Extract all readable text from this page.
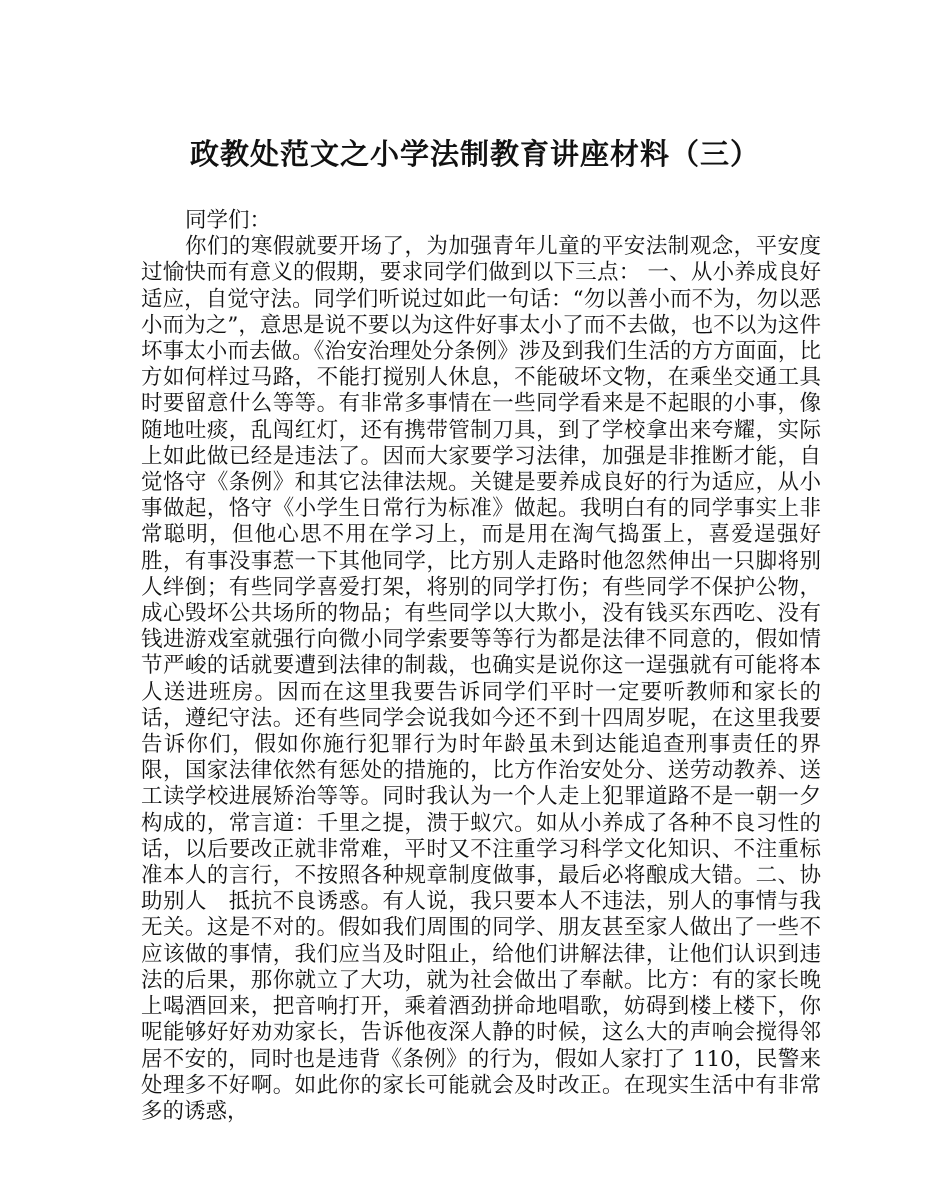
政教处范文之小学法制教育讲座材料（三）

同学们：

你们的寒假就要开场了，为加强青年儿童的平安法制观念，平安度过愉快而有意义的假期，要求同学们做到以下三点： 一、从小养成良好适应，自觉守法。同学们听说过如此一句话：“勿以善小而不为，勿以恶小而为之”，意思是说不要以为这件好事太小了而不去做，也不以为这件坏事太小而去做。《治安治理处分条例》涉及到我们生活的方方面面，比方如何样过马路，不能打搅别人休息，不能破坏文物，在乘坐交通工具时要留意什么等等。有非常多事情在一些同学看来是不起眼的小事，像随地吐痰，乱闯红灯，还有携带管制刀具，到了学校拿出来夸耀，实际上如此做已经是违法了。因而大家要学习法律，加强是非推断才能，自觉恪守《条例》和其它法律法规。关键是要养成良好的行为适应，从小事做起，恪守《小学生日常行为标准》做起。我明白有的同学事实上非常聪明，但他心思不用在学习上，而是用在淘气捣蛋上，喜爱逞强好胜，有事没事惹一下其他同学，比方别人走路时他忽然伸出一只脚将别人绊倒；有些同学喜爱打架，将别的同学打伤；有些同学不保护公物，成心毁坏公共场所的物品；有些同学以大欺小，没有钱买东西吃、没有钱进游戏室就强行向微小同学索要等等行为都是法律不同意的，假如情节严峻的话就要遭到法律的制裁，也确实是说你这一逞强就有可能将本人送进班房。因而在这里我要告诉同学们平时一定要听教师和家长的话，遵纪守法。还有些同学会说我如今还不到十四周岁呢，在这里我要告诉你们，假如你施行犯罪行为时年龄虽未到达能追查刑事责任的界限，国家法律依然有惩处的措施的，比方作治安处分、送劳动教养、送工读学校进展矫治等等。同时我认为一个人走上犯罪道路不是一朝一夕构成的，常言道：千里之提，溃于蚁穴。如从小养成了各种不良习性的话，以后要改正就非常难，平时又不注重学习科学文化知识、不注重标准本人的言行，不按照各种规章制度做事，最后必将酿成大错。二、协助别人　抵抗不良诱惑。有人说，我只要本人不违法，别人的事情与我无关。这是不对的。假如我们周围的同学、朋友甚至家人做出了一些不应该做的事情，我们应当及时阻止，给他们讲解法律，让他们认识到违法的后果，那你就立了大功，就为社会做出了奉献。比方：有的家长晚上喝酒回来，把音响打开，乘着酒劲拼命地唱歌，妨碍到楼上楼下，你呢能够好好劝劝家长，告诉他夜深人静的时候，这么大的声响会搅得邻居不安的，同时也是违背《条例》的行为，假如人家打了 110，民警来处理多不好啊。如此你的家长可能就会及时改正。在现实生活中有非常多的诱惑，
